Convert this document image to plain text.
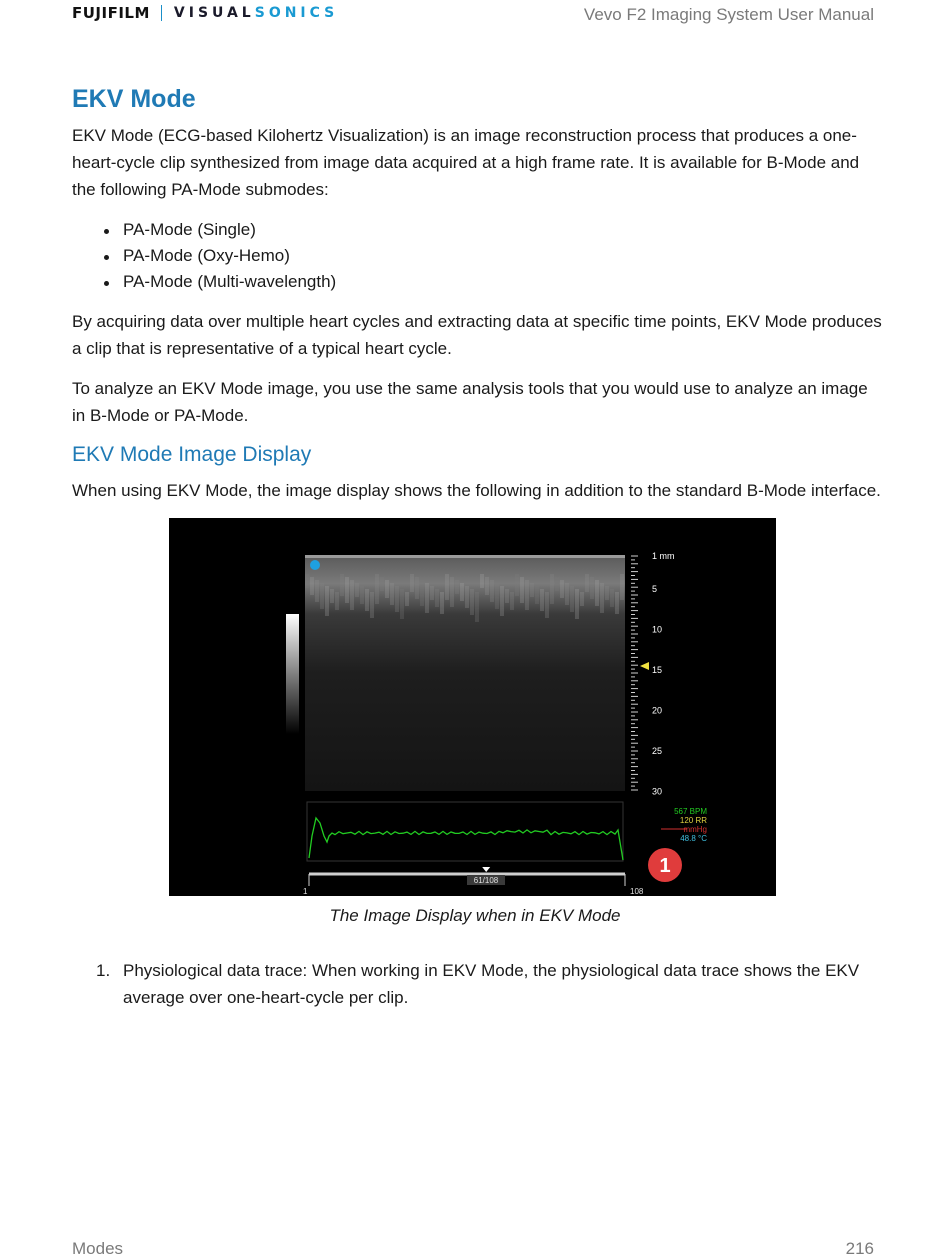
FUJIFILM VISUAL SONICS	Vevo F2 Imaging System User Manual
EKV Mode

EKV Mode (ECG-based Kilohertz Visualization) is an image reconstruction process that produces a one-heart-cycle clip synthesized from image data acquired at a high frame rate. It is available for B-Mode and the following PA-Mode submodes:

PA-Mode (Single)
PA-Mode (Oxy-Hemo)
PA-Mode (Multi-wavelength)

By acquiring data over multiple heart cycles and extracting data at specific time points, EKV Mode produces a clip that is representative of a typical heart cycle.

To analyze an EKV Mode image, you use the same analysis tools that you would use to analyze an image in B-Mode or PA-Mode.

EKV Mode Image Display

When using EKV Mode, the image display shows the following in addition to the standard B-Mode interface.

1 mm
5
10
15
20
25
30
567 BPM
120 RR
mmHg
48.8 °C
1
61/108
1	108
The Image Display when in EKV Mode
1. Physiological data trace: When working in EKV Mode, the physiological data trace shows the EKV average over one-heart-cycle per clip.
Modes	216
